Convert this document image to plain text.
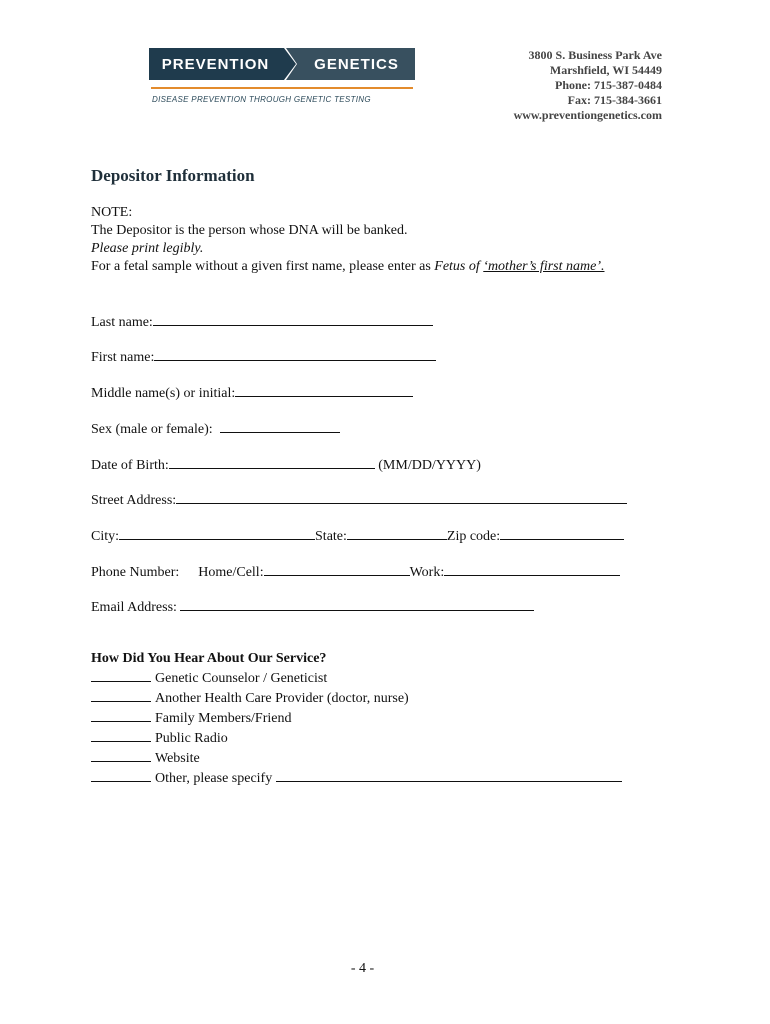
PREVENTION	GENETICS
DISEASE PREVENTION THROUGH GENETIC TESTING
3800 S. Business Park Ave
Marshfield, WI 54449
Phone: 715-387-0484
Fax: 715-384-3661
www.preventiongenetics.com
Depositor Information
NOTE:
The Depositor is the person whose DNA will be banked.
Please print legibly.
For a fetal sample without a given first name, please enter as Fetus of ‘mother’s first name’.
Last name:
First name:
Middle name(s) or initial:
Sex (male or female):
Date of Birth:	(MM/DD/YYYY)
Street Address:
City:	State:	Zip code:
Phone Number: Home/Cell:	Work:
Email Address:
How Did You Hear About Our Service?
Genetic Counselor / Geneticist
Another Health Care Provider (doctor, nurse)
Family Members/Friend
Public Radio
Website
Other, please specify
- 4 -
